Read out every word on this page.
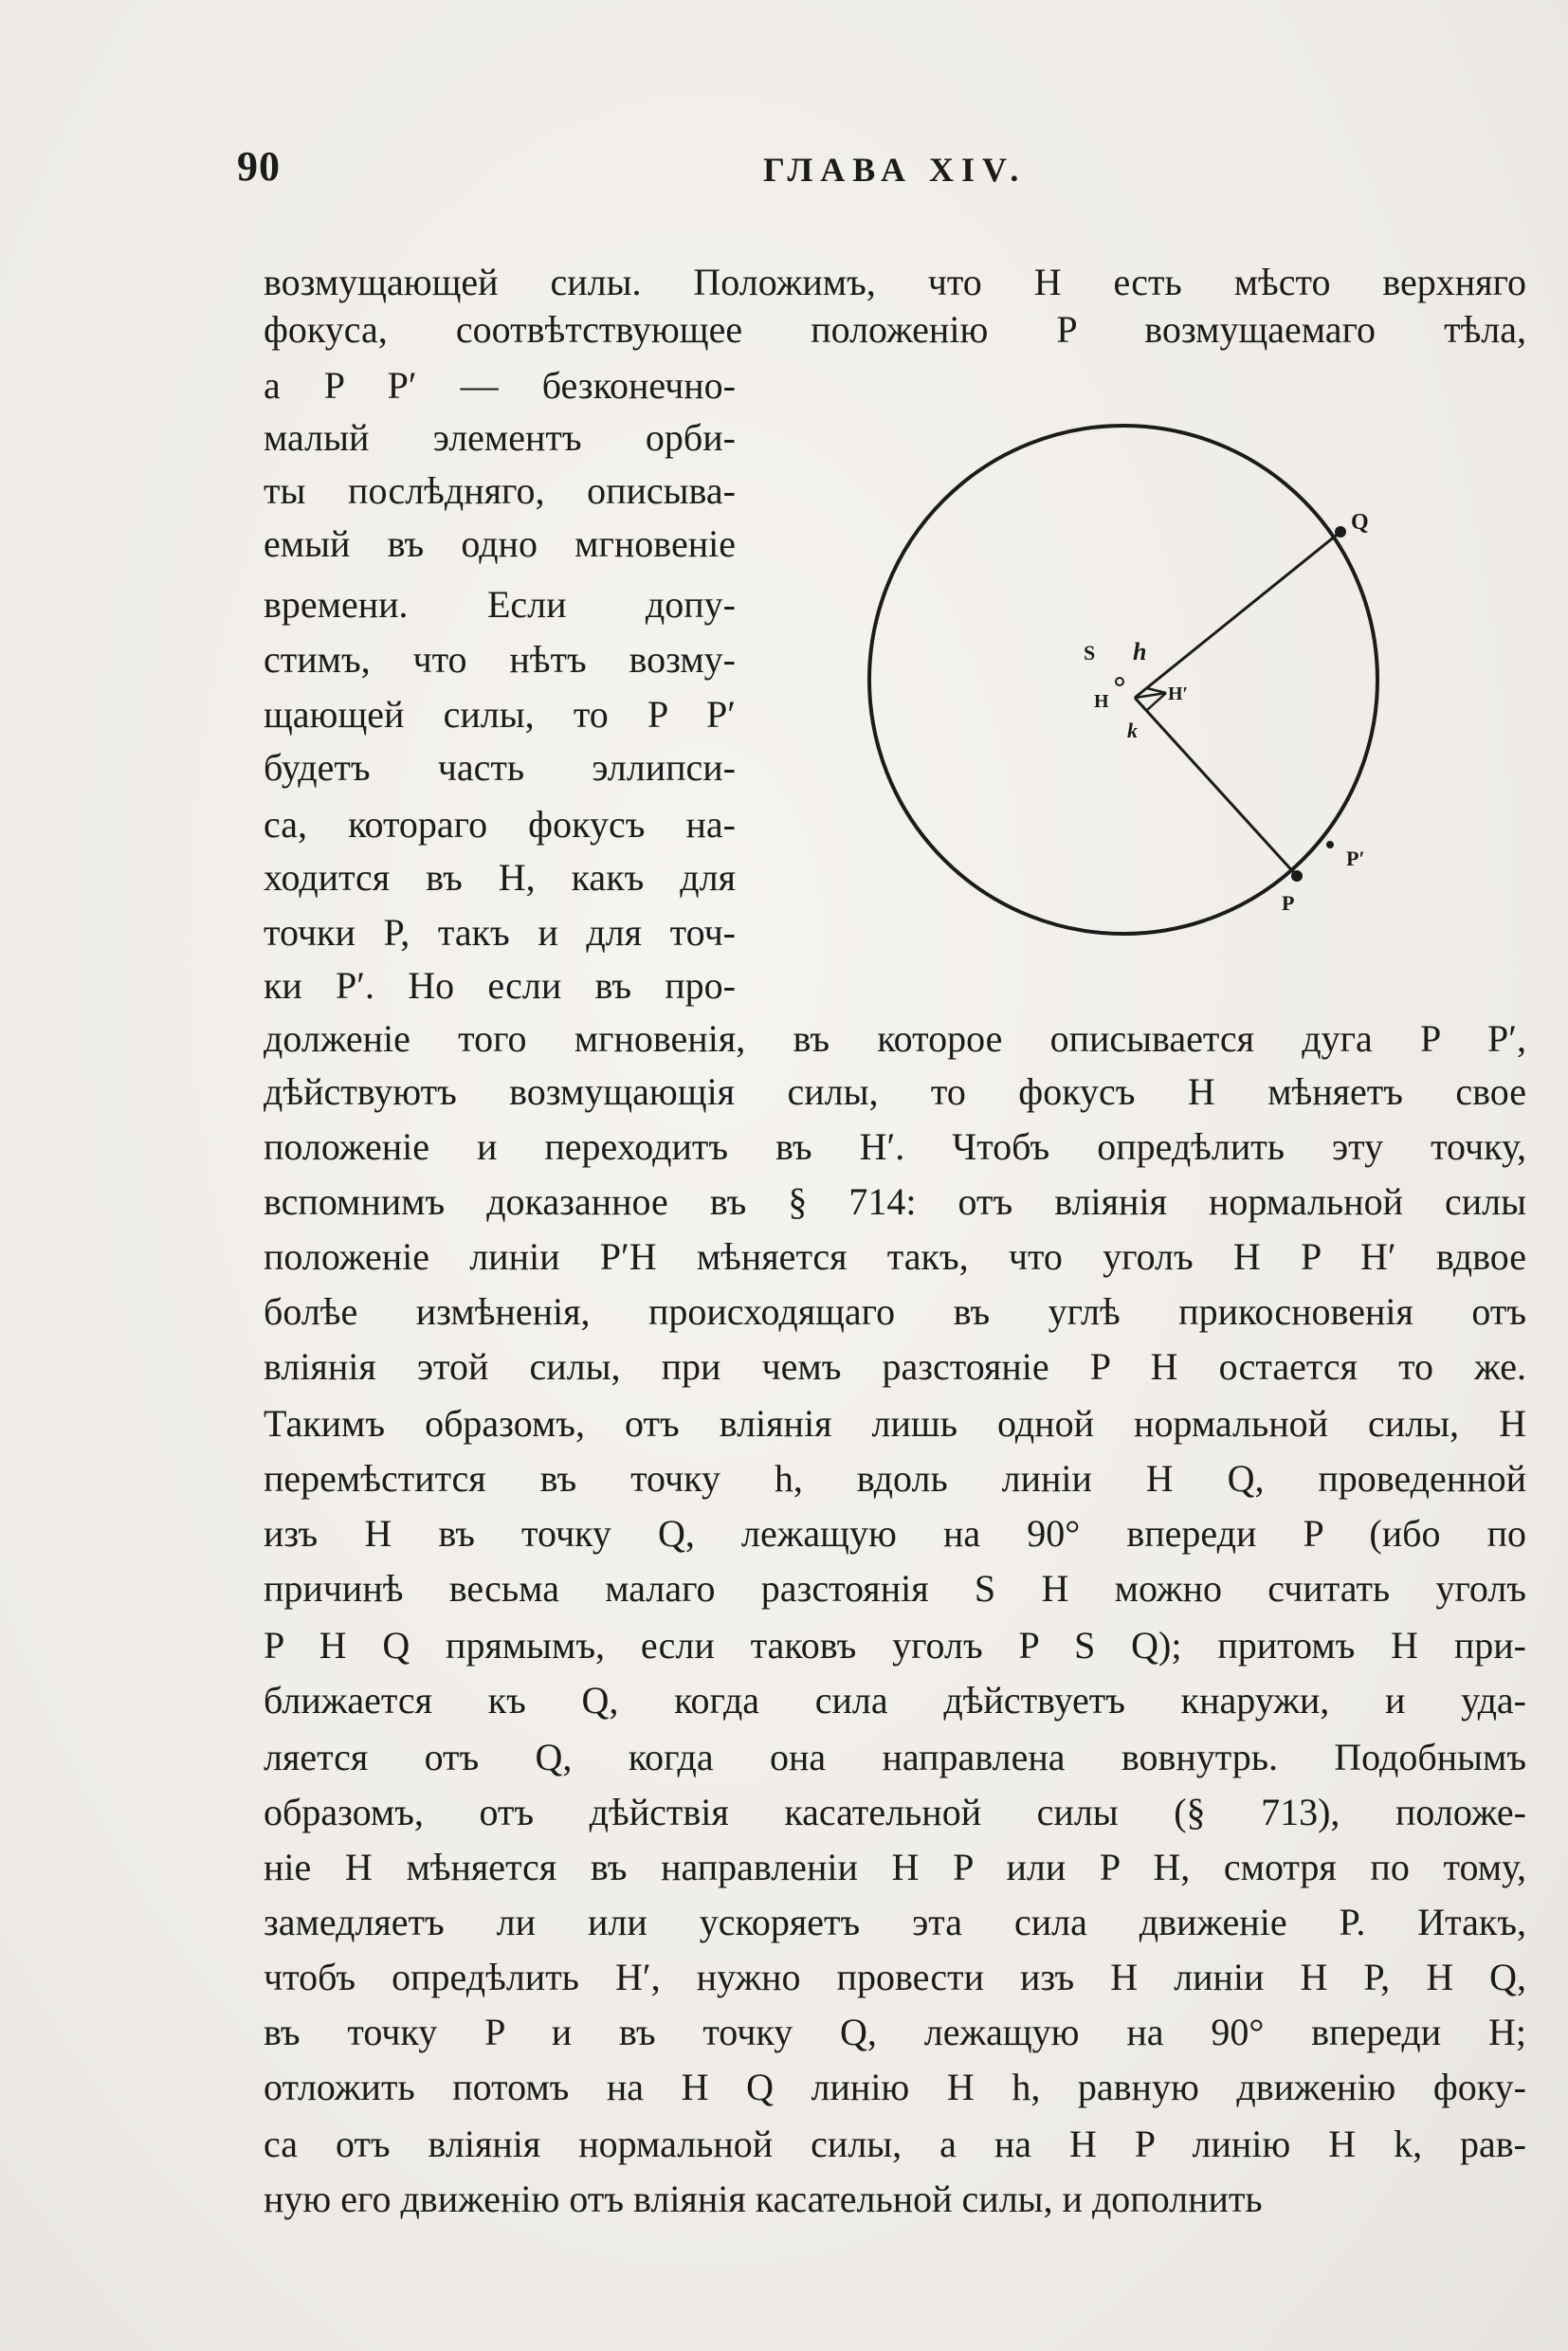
90	ГЛАВА XIV.
возмущающей силы. Положимъ, что H есть мѣсто верхняго
фокуса, соотвѣтствующее положенію P возмущаемаго тѣла,
а P P′ — безконечно-
малый элементъ орби-
ты послѣдняго, описыва-
емый въ одно мгновеніе
времени. Если допу-
стимъ, что нѣтъ возму-
щающей силы, то P P′
будетъ часть эллипси-
са, котораго фокусъ на-
ходится въ H, какъ для
точки P, такъ и для точ-
ки P′. Но если въ про-
долженіе того мгновенія, въ которое описывается дуга P P′,
дѣйствуютъ возмущающія силы, то фокусъ H мѣняетъ свое
положеніе и переходитъ въ H′. Чтобъ опредѣлить эту точку,
вспомнимъ доказанное въ § 714: отъ вліянія нормальной силы
положеніе линіи P′H мѣняется такъ, что уголъ H P H′ вдвое
болѣе измѣненія, происходящаго въ углѣ прикосновенія отъ
вліянія этой силы, при чемъ разстояніе P H остается то же.
Такимъ образомъ, отъ вліянія лишь одной нормальной силы, H
перемѣстится въ точку h, вдоль линіи H Q, проведенной
изъ H въ точку Q, лежащую на 90° впереди P (ибо по
причинѣ весьма малаго разстоянія S H можно считать уголъ
P H Q прямымъ, если таковъ уголъ P S Q); притомъ H при-
ближается къ Q, когда сила дѣйствуетъ кнаружи, и уда-
ляется отъ Q, когда она направлена вовнутрь. Подобнымъ
образомъ, отъ дѣйствія касательной силы (§ 713), положе-
ніе H мѣняется въ направленіи H P или P H, смотря по тому,
замедляетъ ли или ускоряетъ эта сила движеніе P. Итакъ,
чтобъ опредѣлить H′, нужно провести изъ H линіи H P, H Q,
въ точку P и въ точку Q, лежащую на 90° впереди H;
отложить потомъ на H Q линію H h, равную движенію фоку-
са отъ вліянія нормальной силы, а на H P линію H k, рав-
ную его движенію отъ вліянія касательной силы, и дополнить
Q
S h
H	H′
k
P′
P
